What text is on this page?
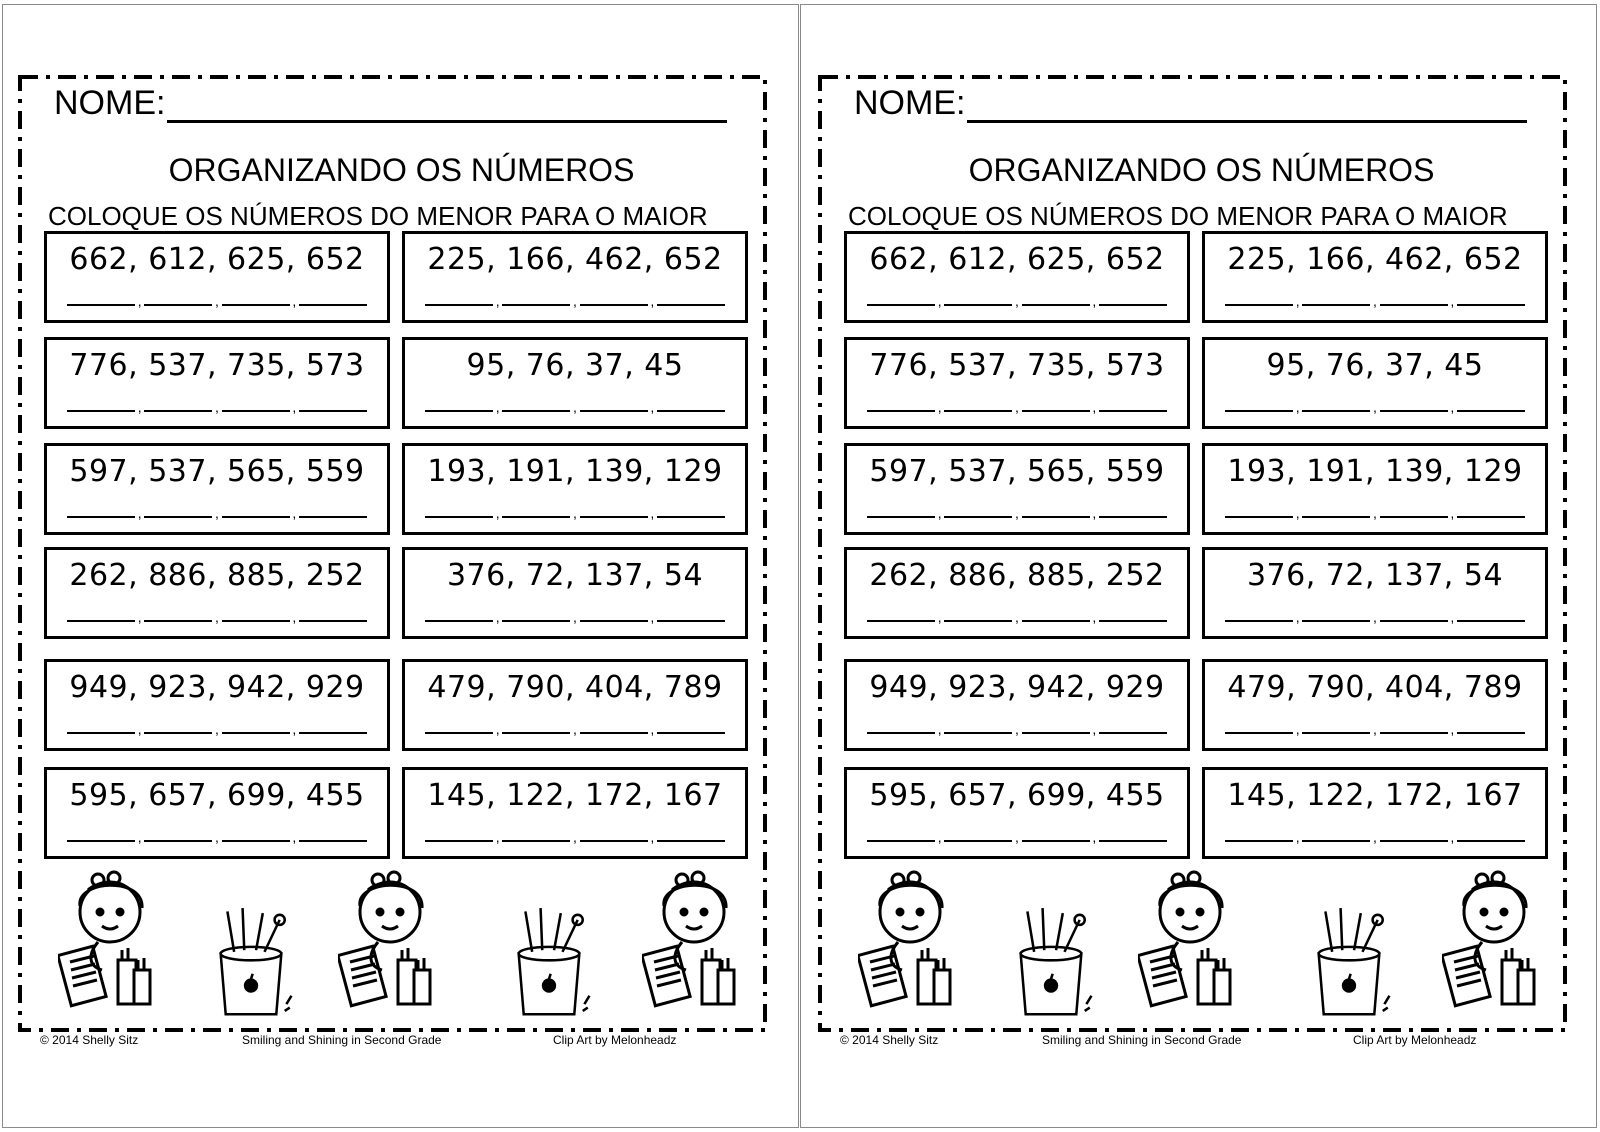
NOME:
ORGANIZANDO OS NÚMEROS
COLOQUE OS NÚMEROS DO MENOR PARA O MAIOR
662, 612, 625, 652
,	,	,
225, 166, 462, 652
,	,	,
776, 537, 735, 573
,	,	,
95, 76, 37, 45
,	,	,
597, 537, 565, 559
,	,	,
193, 191, 139, 129
,	,	,
262, 886, 885, 252
,	,	,
376, 72, 137, 54
,	,	,
949, 923, 942, 929
,	,	,
479, 790, 404, 789
,	,	,
595, 657, 699, 455
,	,	,
145, 122, 172, 167
,	,	,
© 2014 Shelly Sitz	Smiling and Shining in Second Grade	Clip Art by Melonheadz
NOME:
ORGANIZANDO OS NÚMEROS
COLOQUE OS NÚMEROS DO MENOR PARA O MAIOR
662, 612, 625, 652
,	,	,
225, 166, 462, 652
,	,	,
776, 537, 735, 573
,	,	,
95, 76, 37, 45
,	,	,
597, 537, 565, 559
,	,	,
193, 191, 139, 129
,	,	,
262, 886, 885, 252
,	,	,
376, 72, 137, 54
,	,	,
949, 923, 942, 929
,	,	,
479, 790, 404, 789
,	,	,
595, 657, 699, 455
,	,	,
145, 122, 172, 167
,	,	,
© 2014 Shelly Sitz	Smiling and Shining in Second Grade	Clip Art by Melonheadz
